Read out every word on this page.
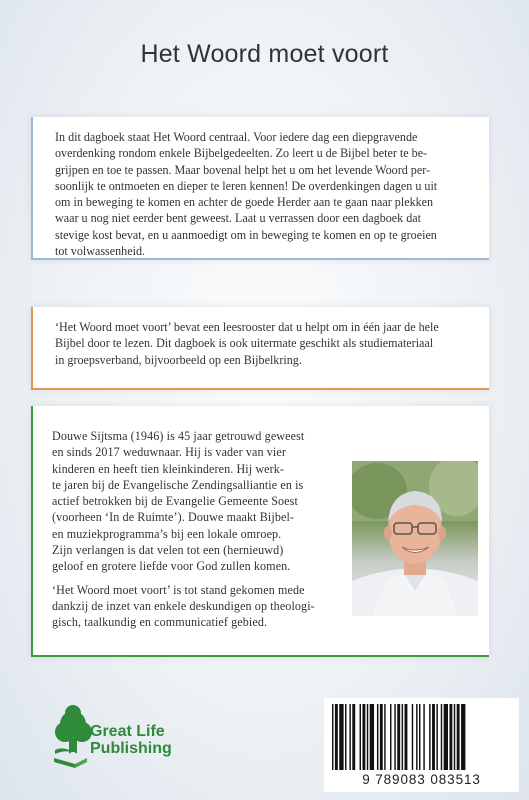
Het Woord moet voort

In dit dagboek staat Het Woord centraal. Voor iedere dag een diepgravende
overdenking rondom enkele Bijbelgedeelten. Zo leert u de Bijbel beter te be-
grijpen en toe te passen. Maar bovenal helpt het u om het levende Woord per-
soonlijk te ontmoeten en dieper te leren kennen! De overdenkingen dagen u uit
om in beweging te komen en achter de goede Herder aan te gaan naar plekken
waar u nog niet eerder bent geweest. Laat u verrassen door een dagboek dat
stevige kost bevat, en u aanmoedigt om in beweging te komen en op te groeien
tot volwassenheid.

‘Het Woord moet voort’ bevat een leesrooster dat u helpt om in één jaar de hele
Bijbel door te lezen. Dit dagboek is ook uitermate geschikt als studiemateriaal
in groepsverband, bijvoorbeeld op een Bijbelkring.

Douwe Sijtsma (1946) is 45 jaar getrouwd geweest
en sinds 2017 weduwnaar. Hij is vader van vier
kinderen en heeft tien kleinkinderen. Hij werk-
te jaren bij de Evangelische Zendingsalliantie en is
actief betrokken bij de Evangelie Gemeente Soest
(voorheen ‘In de Ruimte’). Douwe maakt Bijbel-
en muziekprogramma’s bij een lokale omroep.
Zijn verlangen is dat velen tot een (hernieuwd)
geloof en grotere liefde voor God zullen komen.

‘Het Woord moet voort’ is tot stand gekomen mede
dankzij de inzet van enkele deskundigen op theologi-
gisch, taalkundig en communicatief gebied.

Great Life
Publishing
9 789083 083513
